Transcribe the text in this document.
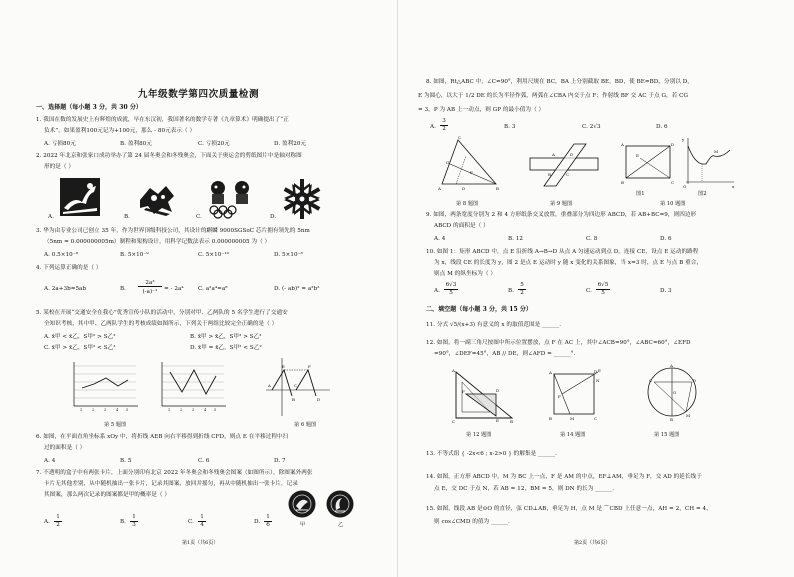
九年级数学第四次质量检测
一、选择题（每小题 3 分，共 30 分）
1. 我国在数的发展史上有辉煌的成就，早在东汉初，我国著名的数学专著《九章算术》明确提出了“正
负术”。如果盈利100元记为+100元，那么 - 80元表示（ ）
A. 亏损80元	B. 盈利80元	C. 亏损20元	D. 盈利20元
2. 2022 年北京和张家口成功举办了第 24 届冬奥会和冬残奥会，下面关于奥运会的剪纸图片中是轴对称图
形的是（ ）
A.	B.	C.	D.
3. 华为由专业公司已创立 35 年，作为世界顶级科技公司，其设计的麒麟 9000SGSoC 芯片拥有领先的 5nm
（5nm = 0.000000005m）制程和架构设计，用科学记数法表示 0.000000005 为（ ）
A. 0.5×10⁻⁸	B. 5×10⁻⁹	C. 5×10⁻¹⁰	D. 5×10⁻⁸
4. 下列运算正确的是（ ）
A. 2a+3b=5ab	B.
2a³
(-a)⁻¹	= - 2a⁴	C. a²a⁴=a⁸	D. (- ab)² = a²b²
5. 某校在开展“交通安全在我心”优秀宣传小队的活动中，分别对甲、乙两队的 5 名学生进行了交通安
全知识考核，其中甲、乙两队学生的考核成绩如图所示，下列关于两组比较完全正确的是（ ）
A. x̄甲 < x̄乙，S甲² > S乙²	B. x̄甲 > x̄乙，S甲² > S乙²
C. x̄甲 > x̄乙，S甲² < S乙²	D. x̄甲 = x̄乙，S甲² < S乙²
1	2	3	4 5	1	2	3	4 5
E	F
A
B
C
D
第 5 题图	第 6 题图
6. 如图，在平面直角坐标系 xOy 中，将折线 AEB 向右平移得到折线 CFD，则点 E 在平移过程中扫
过的面积是（ ）
A. 4	B. 5	C. 6	D. 7
7. 不透明的盒子中有两张卡片，上面分别印有北京 2022 年冬奥会和冬残奥会图案（如图所示），除图案外两张
卡片无其他差别，从中随机抽出一张卡片，记录其图案，放回并摇匀，再从中随机抽出一张卡片，记录
其图案，那么两次记录的图案都是甲的概率是（ ）
A.
1
2	B.
1
3	C.
1
4	D.
1
6	甲	乙
第1页（共6页）
8. 如图，Rt△ABC 中，∠C=90°，利用尺规在 BC，BA 上分别截取 BE，BD，使 BE=BD，分别以 D，
E 为圆心，以大于 1/2 DE 的长为半径作弧，两弧在∠CBA 内交于点 F；作射线 BF 交 AC 于点 G，若 CG
= 3，P 为 AB 上一动点，则 GP 的最小值为（ ）
A.
3
2	B. 3	C. 2√3	D. 6
A	B
C
G
F
D
A	D
B	C
A	D
B	C
E
M
O	x
y
第 8 题图	第 9 题图
图1	图2
第 10 题图
9. 如图，两条宽度分别为 2 和 4 方形纸条交叉放置，重叠部分为四边形 ABCD，若 AB+BC=9，则四边形
ABCD 的面积是（ ）
A. 4	B. 12	C. 8	D. 6
10. 如图 1：矩形 ABCD 中，点 E 沿折线 A→B→D 从点 A 匀速运动到点 D，连接 CE，设点 E 运动的路程
为 x，线段 CE 的长度为 y，图 2 是点 E 运动时 y 随 x 变化的关系图象，当 x=3 时，点 E 与点 B 重合，
则点 M 的纵坐标为（ ）
A.
6√3
5	B.
5
2	C.
6√5
5	D. 3
二、填空题（每小题 3 分，共 15 分）
11. 分式 √5/(x+3) 有意义的 x 的取值范围是 ______.
12. 如图，将一副三角尺按图中所示位置摆放，点 F 在 AC 上，其中∠ACB=90°，∠ABC=60°，∠EFD
=90°，∠DEF=45°，AB // DE，则∠AFD = ______°.
A
C	B
F	D
E
A	D
B	C
M
F
N
E
A
B
C	D
O
M
第 12 题图	第 14 题图	第 15 题图
13. 不等式组 { -2x<6 ; x-2>0 } 的解集是 ______.
14. 如图，正方形 ABCD 中，M 为 BC 上一点，F 是 AM 的中点，EF⊥AM，垂足为 F，交 AD 的延长线于
点 E，交 DC 于点 N，若 AB = 12，BM = 5，则 DN 的长为 ______.
15. 如图，线段 AB 是⊙O 的直径，弦 CD⊥AB，垂足为 H，点 M 是 ⌒CBD 上任意一点，AH = 2，CH = 4，
则 cos∠CMD 的值为 ______.
第2页（共6页）
